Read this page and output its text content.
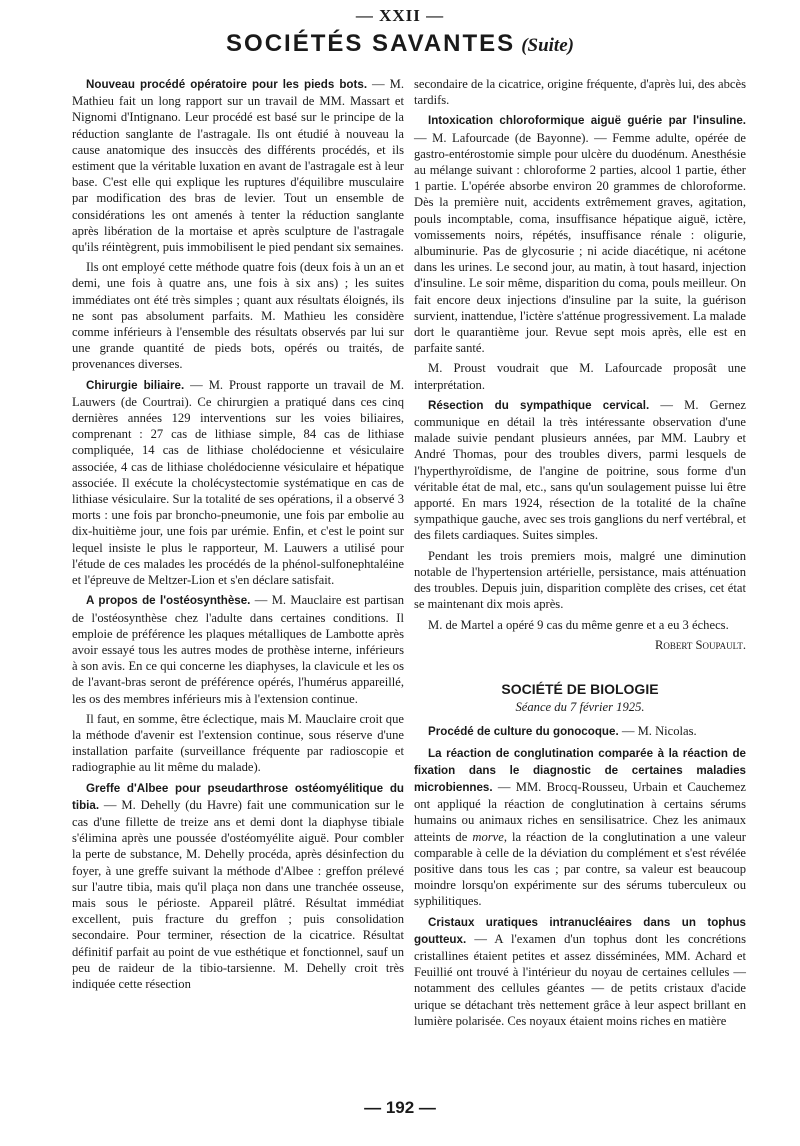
— XXII —
SOCIÉTÉS SAVANTES (Suite)

Nouveau procédé opératoire pour les pieds bots. — M. Mathieu fait un long rapport sur un travail de MM. Massart et Nignomi d'Intignano. Leur procédé est basé sur le principe de la réduction sanglante de l'astragale. Ils ont étudié à nouveau la cause anatomique des insuccès des différents procédés, et ils estiment que la véritable luxation en avant de l'astragale est à leur base. C'est elle qui explique les ruptures d'équilibre musculaire par modification des bras de levier. Tout un ensemble de considérations les ont amenés à tenter la réduction sanglante après libération de la mortaise et après sculpture de l'astragale qu'ils réintègrent, puis immobilisent le pied pendant six semaines.

Ils ont employé cette méthode quatre fois (deux fois à un an et demi, une fois à quatre ans, une fois à six ans) ; les suites immédiates ont été très simples ; quant aux résultats éloignés, ils ne sont pas absolument parfaits. M. Mathieu les considère comme inférieurs à l'ensemble des résultats observés par lui sur une grande quantité de pieds bots, opérés ou traités, de provenances diverses.

Chirurgie biliaire. — M. Proust rapporte un travail de M. Lauwers (de Courtrai). Ce chirurgien a pratiqué dans ces cinq dernières années 129 interventions sur les voies biliaires, comprenant : 27 cas de lithiase simple, 84 cas de lithiase compliquée, 14 cas de lithiase cholédocienne et vésiculaire associée, 4 cas de lithiase cholédocienne vésiculaire et hépatique associée. Il exécute la cholécystectomie systématique en cas de lithiase vésiculaire. Sur la totalité de ses opérations, il a observé 3 morts : une fois par broncho-pneumonie, une fois par embolie au dix-huitième jour, une fois par urémie. Enfin, et c'est le point sur lequel insiste le plus le rapporteur, M. Lauwers a utilisé pour l'étude de ces malades les procédés de la phénol-sulfonephtaléine et l'épreuve de Meltzer-Lion et s'en déclare satisfait.

A propos de l'ostéosynthèse. — M. Mauclaire est partisan de l'ostéosynthèse chez l'adulte dans certaines conditions. Il emploie de préférence les plaques métalliques de Lambotte après avoir essayé tous les autres modes de prothèse interne, inférieurs à son avis. En ce qui concerne les diaphyses, la clavicule et les os de l'avant-bras seront de préférence opérés, l'humérus appareillé, les os des membres inférieurs mis à l'extension continue.

Il faut, en somme, être éclectique, mais M. Mauclaire croit que la méthode d'avenir est l'extension continue, sous réserve d'une installation parfaite (surveillance fréquente par radioscopie et radiographie au lit même du malade).

Greffe d'Albee pour pseudarthrose ostéomyélitique du tibia. — M. Dehelly (du Havre) fait une communication sur le cas d'une fillette de treize ans et demi dont la diaphyse tibiale s'élimina après une poussée d'ostéomyélite aiguë. Pour combler la perte de substance, M. Dehelly procéda, après désinfection du foyer, à une greffe suivant la méthode d'Albee : greffon prélevé sur l'autre tibia, mais qu'il plaça non dans une tranchée osseuse, mais sous le périoste. Appareil plâtré. Résultat immédiat excellent, puis fracture du greffon ; puis consolidation secondaire. Pour terminer, résection de la cicatrice. Résultat définitif parfait au point de vue esthétique et fonctionnel, sauf un peu de raideur de la tibio-tarsienne. M. Dehelly croit très indiquée cette résection

secondaire de la cicatrice, origine fréquente, d'après lui, des abcès tardifs.

Intoxication chloroformique aiguë guérie par l'insuline. — M. Lafourcade (de Bayonne). — Femme adulte, opérée de gastro-entérostomie simple pour ulcère du duodénum. Anesthésie au mélange suivant : chloroforme 2 parties, alcool 1 partie, éther 1 partie. L'opérée absorbe environ 20 grammes de chloroforme. Dès la première nuit, accidents extrêmement graves, agitation, pouls incomptable, coma, insuffisance hépatique aiguë, ictère, vomissements noirs, répétés, insuffisance rénale : oligurie, albuminurie. Pas de glycosurie ; ni acide diacétique, ni acétone dans les urines. Le second jour, au matin, à tout hasard, injection d'insuline. Le soir même, disparition du coma, pouls meilleur. On fait encore deux injections d'insuline par la suite, la guérison survient, inattendue, l'ictère s'atténue progressivement. La malade dort le quarantième jour. Revue sept mois après, elle est en parfaite santé.

M. Proust voudrait que M. Lafourcade proposât une interprétation.

Résection du sympathique cervical. — M. Gernez communique en détail la très intéressante observation d'une malade suivie pendant plusieurs années, par MM. Laubry et André Thomas, pour des troubles divers, parmi lesquels de l'hyperthyroïdisme, de l'angine de poitrine, sous forme d'un véritable état de mal, etc., sans qu'un soulagement puisse lui être apporté. En mars 1924, résection de la totalité de la chaîne sympathique gauche, avec ses trois ganglions du nerf vertébral, et des filets cardiaques. Suites simples.

Pendant les trois premiers mois, malgré une diminution notable de l'hypertension artérielle, persistance, mais atténuation des troubles. Depuis juin, disparition complète des crises, cet état se maintenant dix mois après.

M. de Martel a opéré 9 cas du même genre et a eu 3 échecs.

Robert Soupault.

SOCIÉTÉ DE BIOLOGIE
Séance du 7 février 1925.

Procédé de culture du gonocoque. — M. Nicolas.

La réaction de conglutination comparée à la réaction de fixation dans le diagnostic de certaines maladies microbiennes. — MM. Brocq-Rousseu, Urbain et Cauchemez ont appliqué la réaction de conglutination à certains sérums humains ou animaux riches en sensilisatrice. Chez les animaux atteints de morve, la réaction de la conglutination a une valeur comparable à celle de la déviation du complément et s'est révélée positive dans tous les cas ; par contre, sa valeur est beaucoup moindre lorsqu'on expérimente sur des sérums tuberculeux ou syphilitiques.

Cristaux uratiques intranucléaires dans un tophus goutteux. — A l'examen d'un tophus dont les concrétions cristallines étaient petites et assez disséminées, MM. Achard et Feuillié ont trouvé à l'intérieur du noyau de certaines cellules — notamment des cellules géantes — de petits cristaux d'acide urique se détachant très nettement grâce à leur aspect brillant en lumière polarisée. Ces noyaux étaient moins riches en matière

— 192 —
